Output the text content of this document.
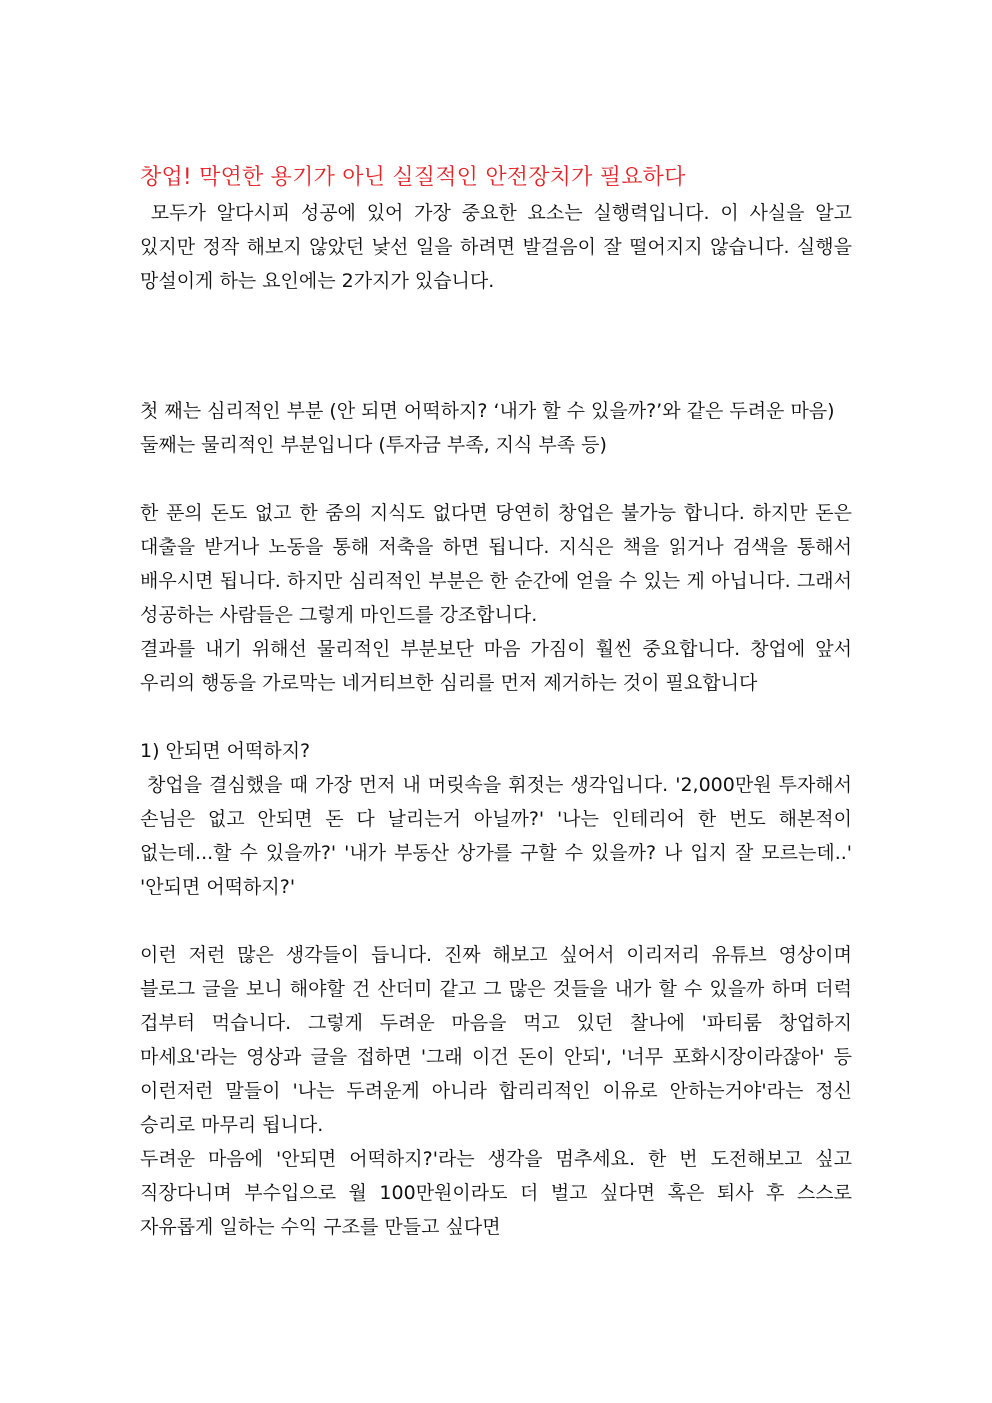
창업! 막연한 용기가 아닌 실질적인 안전장치가 필요하다

모두가 알다시피 성공에 있어 가장 중요한 요소는 실행력입니다. 이 사실을 알고 있지만 정작 해보지 않았던 낯선 일을 하려면 발걸음이 잘 떨어지지 않습니다. 실행을 망설이게 하는 요인에는 2가지가 있습니다.

첫 째는 심리적인 부분 (안 되면 어떡하지? ‘내가 할 수 있을까?’와 같은 두려운 마음)

둘째는 물리적인 부분입니다 (투자금 부족, 지식 부족 등)

한 푼의 돈도 없고 한 줌의 지식도 없다면 당연히 창업은 불가능 합니다. 하지만 돈은 대출을 받거나 노동을 통해 저축을 하면 됩니다. 지식은 책을 읽거나 검색을 통해서 배우시면 됩니다. 하지만 심리적인 부분은 한 순간에 얻을 수 있는 게 아닙니다. 그래서 성공하는 사람들은 그렇게 마인드를 강조합니다.

결과를 내기 위해선 물리적인 부분보단 마음 가짐이 훨씬 중요합니다. 창업에 앞서 우리의 행동을 가로막는 네거티브한 심리를 먼저 제거하는 것이 필요합니다

1) 안되면 어떡하지?

창업을 결심했을 때 가장 먼저 내 머릿속을 휘젓는 생각입니다. '2,000만원 투자해서 손님은 없고 안되면 돈 다 날리는거 아닐까?' '나는 인테리어 한 번도 해본적이 없는데...할 수 있을까?' '내가 부동산 상가를 구할 수 있을까? 나 입지 잘 모르는데..' '안되면 어떡하지?'

이런 저런 많은 생각들이 듭니다. 진짜 해보고 싶어서 이리저리 유튜브 영상이며 블로그 글을 보니 해야할 건 산더미 같고 그 많은 것들을 내가 할 수 있을까 하며 더럭 겁부터 먹습니다. 그렇게 두려운 마음을 먹고 있던 찰나에 '파티룸 창업하지 마세요'라는 영상과 글을 접하면 '그래 이건 돈이 안되', '너무 포화시장이라잖아' 등 이런저런 말들이 '나는 두려운게 아니라 합리리적인 이유로 안하는거야'라는 정신 승리로 마무리 됩니다.

두려운 마음에 '안되면 어떡하지?'라는 생각을 멈추세요. 한 번 도전해보고 싶고 직장다니며 부수입으로 월 100만원이라도 더 벌고 싶다면 혹은 퇴사 후 스스로 자유롭게 일하는 수익 구조를 만들고 싶다면
